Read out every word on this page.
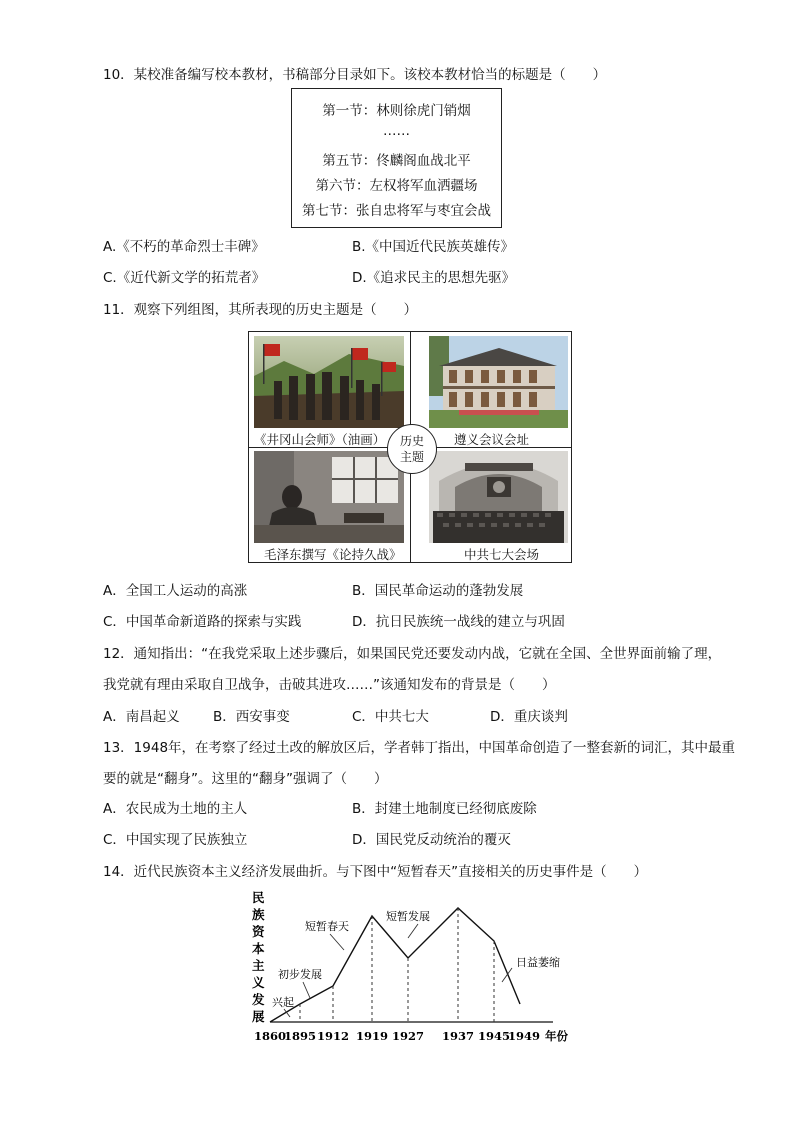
10．某校准备编写校本教材，书稿部分目录如下。该校本教材恰当的标题是（　　）
第一节：林则徐虎门销烟
……
第五节：佟麟阁血战北平
第六节：左权将军血洒疆场
第七节：张自忠将军与枣宜会战
A.《不朽的革命烈士丰碑》	B.《中国近代民族英雄传》
C.《近代新文学的拓荒者》	D.《追求民主的思想先驱》
11．观察下列组图，其所表现的历史主题是（　　）
《井冈山会师》（油画）	遵义会议会址
毛泽东撰写《论持久战》	中共七大会场
历史
主题
A．全国工人运动的高涨	B．国民革命运动的蓬勃发展
C．中国革命新道路的探索与实践	D．抗日民族统一战线的建立与巩固
12．通知指出：“在我党采取上述步骤后，如果国民党还要发动内战，它就在全国、全世界面前输了理，
我党就有理由采取自卫战争，击破其进攻……”该通知发布的背景是（　　）
A．南昌起义 B．西安事变	C．中共七大	D．重庆谈判
13．1948年，在考察了经过土改的解放区后，学者韩丁指出，中国革命创造了一整套新的词汇，其中最重
要的就是“翻身”。这里的“翻身”强调了（　　）
A．农民成为土地的主人	B．封建土地制度已经彻底废除
C．中国实现了民族独立	D．国民党反动统治的覆灭
14．近代民族资本主义经济发展曲折。与下图中“短暂春天”直接相关的历史事件是（　　）
民
族
资
本
主
义
发
展
1860
1895 1912 1919 1927 1937 1945
1949
兴起
初步发展
短暂春天
短暂发展
日益萎缩
年份
